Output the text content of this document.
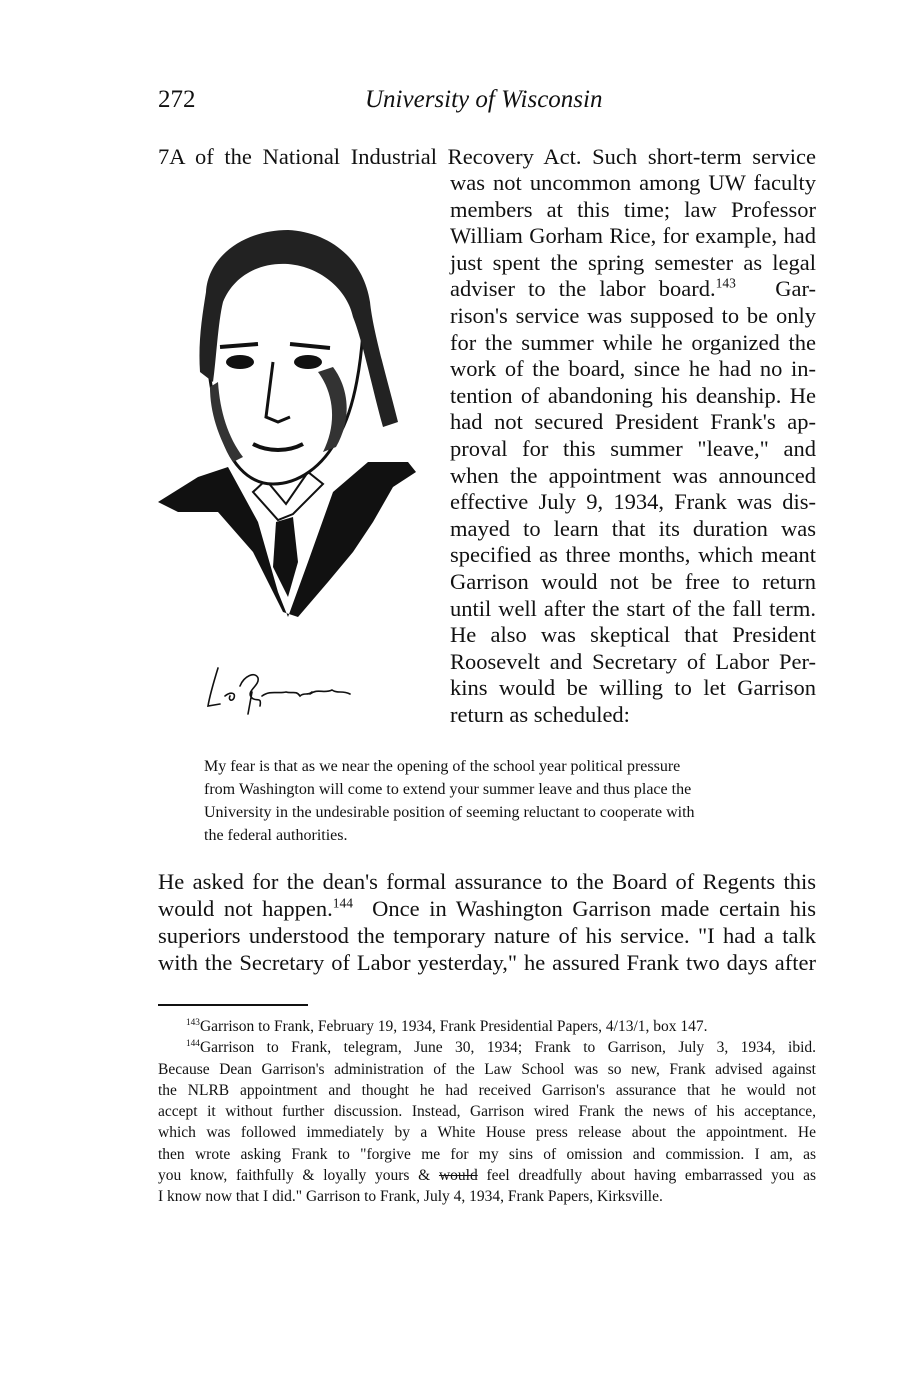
272	University of Wisconsin
7A of the National Industrial Recovery Act. Such short-term service
was not uncommon among UW faculty
members at this time; law Professor
William Gorham Rice, for example, had
just spent the spring semester as legal
adviser to the labor board.$^{143}$ Gar-
rison's service was supposed to be only
for the summer while he organized the
work of the board, since he had no in-
tention of abandoning his deanship. He
had not secured President Frank's ap-
proval for this summer "leave," and
when the appointment was announced
effective July 9, 1934, Frank was dis-
mayed to learn that its duration was
specified as three months, which meant
Garrison would not be free to return
until well after the start of the fall term.
He also was skeptical that President
Roosevelt and Secretary of Labor Per-
kins would be willing to let Garrison
return as scheduled:
My fear is that as we near the opening of the school year political pressure
from Washington will come to extend your summer leave and thus place the
University in the undesirable position of seeming reluctant to cooperate with
the federal authorities.
He asked for the dean's formal assurance to the Board of Regents this
would not happen.$^{144}$ Once in Washington Garrison made certain his
superiors understood the temporary nature of his service. "I had a talk
with the Secretary of Labor yesterday," he assured Frank two days after
$^{143}$Garrison to Frank, February 19, 1934, Frank Presidential Papers, 4/13/1, box 147.
$^{144}$Garrison to Frank, telegram, June 30, 1934; Frank to Garrison, July 3, 1934, ibid.
Because Dean Garrison's administration of the Law School was so new, Frank advised against
the NLRB appointment and thought he had received Garrison's assurance that he would not
accept it without further discussion. Instead, Garrison wired Frank the news of his acceptance,
which was followed immediately by a White House press release about the appointment. He
then wrote asking Frank to "forgive me for my sins of omission and commission. I am, as
you know, faithfully & loyally yours & would feel dreadfully about having embarrassed you as
I know now that I did." Garrison to Frank, July 4, 1934, Frank Papers, Kirksville.
